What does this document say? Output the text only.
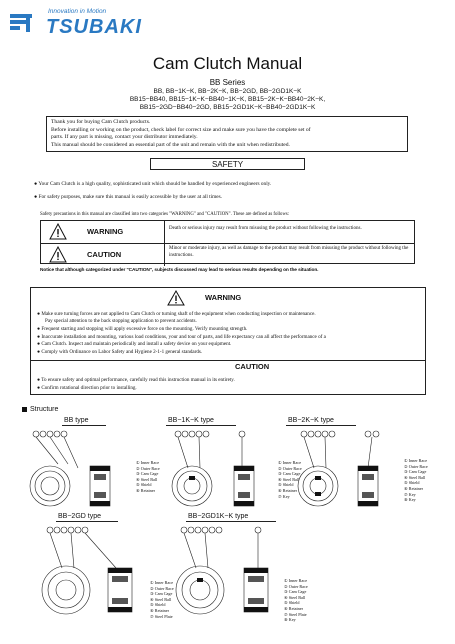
Innovation in Motion
TSUBAKI
Cam Clutch Manual
BB Series
BB, BB−1K−K, BB−2K−K, BB−2GD, BB−2GD1K−K
BB15−BB40, BB15−1K−K−BB40−1K−K, BB15−2K−K−BB40−2K−K,
BB15−2GD−BB40−2GD, BB15−2GD1K−K−BB40−2GD1K−K
Thank you for buying Cam Clutch products.
Before installing or working on the product, check label for correct size and make sure you have the complete set of
parts. If any part is missing, contact your distributor immediately.
This manual should be considered an essential part of the unit and remain with the unit when redistributed.
SAFETY
● Your Cam Clutch is a high quality, sophisticated unit which should be handled by experienced engineers only.
● For safety purposes, make sure this manual is easily accessible by the user at all times.
Safety precautions in this manual are classified into two categories "WARNING" and "CAUTION". These are defined as follows:
WARNING	Death or serious injury may result from misusing the product without following the instructions.
CAUTION
Minor or moderate injury, as well as damage to the product may result from misusing the product without following the instructions.
Notice that although categorized under "CAUTION", subjects discussed may lead to serious results depending on the situation.
WARNING
● Make sure turning forces are not applied to Cam Clutch or turning shaft of the equipment when conducting inspection or maintenance.
Pay special attention to the back stopping application to prevent accidents.
● Frequent starting and stopping will apply excessive force on the mounting. Verify mounting strength.
● Inaccurate installation and mounting, various load conditions, your and tour of parts, and life expectancy can all affect the performance of a
● Cam Clutch. Inspect and maintain periodically and install a safety device on your equipment.
● Comply with Ordinance on Labor Safety and Hygiene 2-1-1 general standards.
CAUTION
● To ensure safety and optimal performance, carefully read this instruction manual in its entirety.
● Confirm rotational direction prior to installing.
Structure
BB type
① Inner Race
② Outer Race
③ Cam Cage
④ Steel Ball
⑤ Shield
⑥ Retainer
BB−1K−K type
① Inner Race
② Outer Race
③ Cam Cage
④ Steel Ball
⑤ Shield
⑥ Retainer
⑦ Key
BB−2K−K type
① Inner Race
② Outer Race
③ Cam Cage
④ Steel Ball
⑤ Shield
⑥ Retainer
⑦ Key
⑧ Key
BB−2GD type
① Inner Race
② Outer Race
③ Cam Cage
④ Steel Ball
⑤ Shield
⑥ Retainer
⑦ Steel Plate
BB−2GD1K−K type
① Inner Race
② Outer Race
③ Cam Cage
④ Steel Ball
⑤ Shield
⑥ Retainer
⑦ Steel Plate
⑧ Key
